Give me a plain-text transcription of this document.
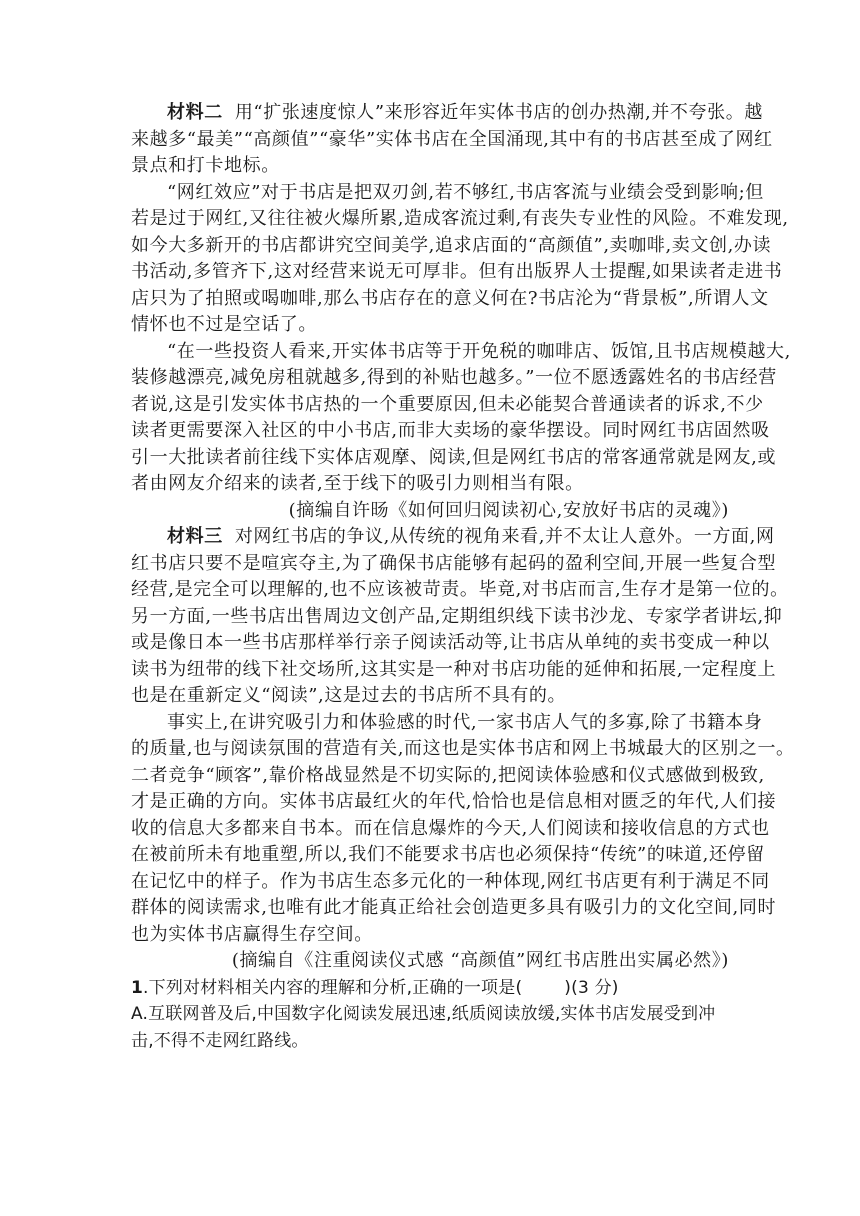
材料二 用“扩张速度惊人”来形容近年实体书店的创办热潮,并不夸张。越
来越多“最美”“高颜值”“豪华”实体书店在全国涌现,其中有的书店甚至成了网红
景点和打卡地标。
“网红效应”对于书店是把双刃剑,若不够红,书店客流与业绩会受到影响;但
若是过于网红,又往往被火爆所累,造成客流过剩,有丧失专业性的风险。不难发现,
如今大多新开的书店都讲究空间美学,追求店面的“高颜值”,卖咖啡,卖文创,办读
书活动,多管齐下,这对经营来说无可厚非。但有出版界人士提醒,如果读者走进书
店只为了拍照或喝咖啡,那么书店存在的意义何在?书店沦为“背景板”,所谓人文
情怀也不过是空话了。
“在一些投资人看来,开实体书店等于开免税的咖啡店、饭馆,且书店规模越大,
装修越漂亮,减免房租就越多,得到的补贴也越多。”一位不愿透露姓名的书店经营
者说,这是引发实体书店热的一个重要原因,但未必能契合普通读者的诉求,不少
读者更需要深入社区的中小书店,而非大卖场的豪华摆设。同时网红书店固然吸
引一大批读者前往线下实体店观摩、阅读,但是网红书店的常客通常就是网友,或
者由网友介绍来的读者,至于线下的吸引力则相当有限。
(摘编自许旸《如何回归阅读初心,安放好书店的灵魂》)
材料三 对网红书店的争议,从传统的视角来看,并不太让人意外。一方面,网
红书店只要不是喧宾夺主,为了确保书店能够有起码的盈利空间,开展一些复合型
经营,是完全可以理解的,也不应该被苛责。毕竟,对书店而言,生存才是第一位的。
另一方面,一些书店出售周边文创产品,定期组织线下读书沙龙、专家学者讲坛,抑
或是像日本一些书店那样举行亲子阅读活动等,让书店从单纯的卖书变成一种以
读书为纽带的线下社交场所,这其实是一种对书店功能的延伸和拓展,一定程度上
也是在重新定义“阅读”,这是过去的书店所不具有的。
事实上,在讲究吸引力和体验感的时代,一家书店人气的多寡,除了书籍本身
的质量,也与阅读氛围的营造有关,而这也是实体书店和网上书城最大的区别之一。
二者竞争“顾客”,靠价格战显然是不切实际的,把阅读体验感和仪式感做到极致,
才是正确的方向。实体书店最红火的年代,恰恰也是信息相对匮乏的年代,人们接
收的信息大多都来自书本。而在信息爆炸的今天,人们阅读和接收信息的方式也
在被前所未有地重塑,所以,我们不能要求书店也必须保持“传统”的味道,还停留
在记忆中的样子。作为书店生态多元化的一种体现,网红书店更有利于满足不同
群体的阅读需求,也唯有此才能真正给社会创造更多具有吸引力的文化空间,同时
也为实体书店赢得生存空间。
(摘编自《注重阅读仪式感 “高颜值”网红书店胜出实属必然》)
1.下列对材料相关内容的理解和分析,正确的一项是( )(3 分)
A.互联网普及后,中国数字化阅读发展迅速,纸质阅读放缓,实体书店发展受到冲
击,不得不走网红路线。
